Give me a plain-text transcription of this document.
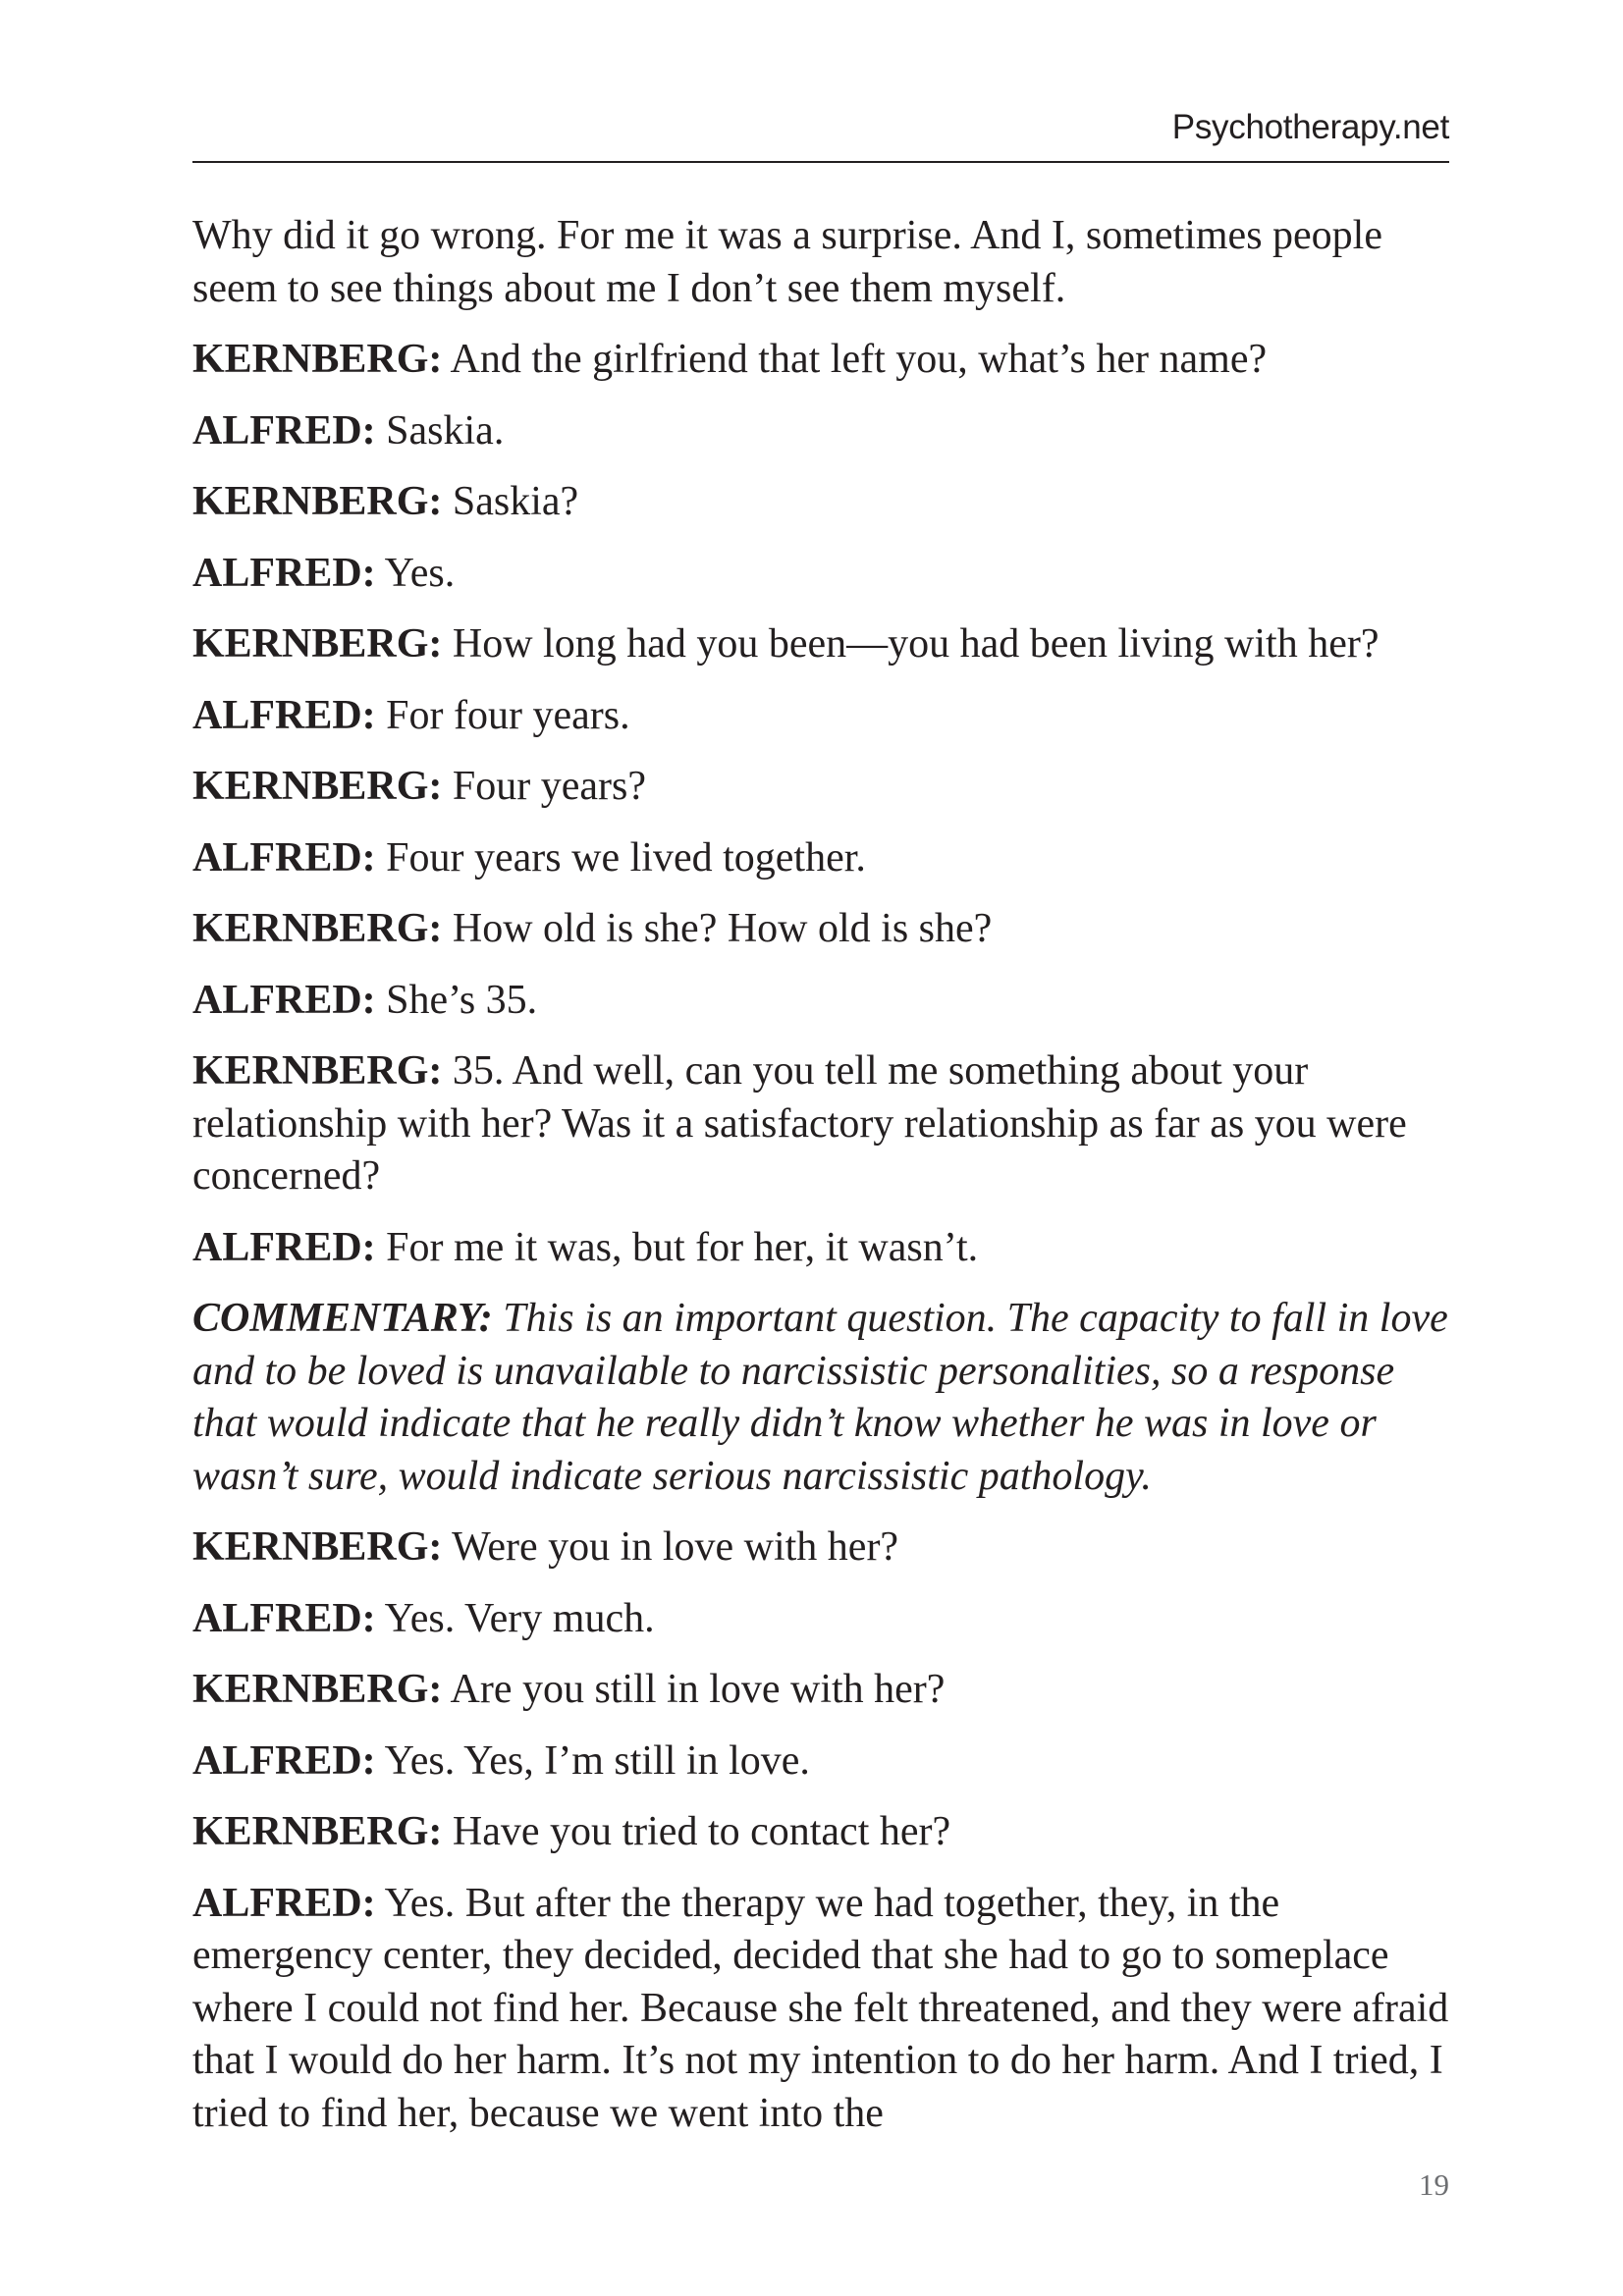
Psychotherapy.net

Why did it go wrong. For me it was a surprise. And I, sometimes people seem to see things about me I don’t see them myself.

KERNBERG: And the girlfriend that left you, what’s her name?

ALFRED: Saskia.

KERNBERG: Saskia?

ALFRED: Yes.

KERNBERG: How long had you been—you had been living with her?

ALFRED: For four years.

KERNBERG: Four years?

ALFRED: Four years we lived together.

KERNBERG: How old is she? How old is she?

ALFRED: She’s 35.

KERNBERG: 35. And well, can you tell me something about your relationship with her? Was it a satisfactory relationship as far as you were concerned?

ALFRED: For me it was, but for her, it wasn’t.

COMMENTARY: This is an important question. The capacity to fall in love and to be loved is unavailable to narcissistic personalities, so a response that would indicate that he really didn’t know whether he was in love or wasn’t sure, would indicate serious narcissistic pathology.

KERNBERG: Were you in love with her?

ALFRED: Yes. Very much.

KERNBERG: Are you still in love with her?

ALFRED: Yes. Yes, I’m still in love.

KERNBERG: Have you tried to contact her?

ALFRED: Yes. But after the therapy we had together, they, in the emergency center, they decided, decided that she had to go to someplace where I could not find her. Because she felt threatened, and they were afraid that I would do her harm. It’s not my intention to do her harm. And I tried, I tried to find her, because we went into the

19
